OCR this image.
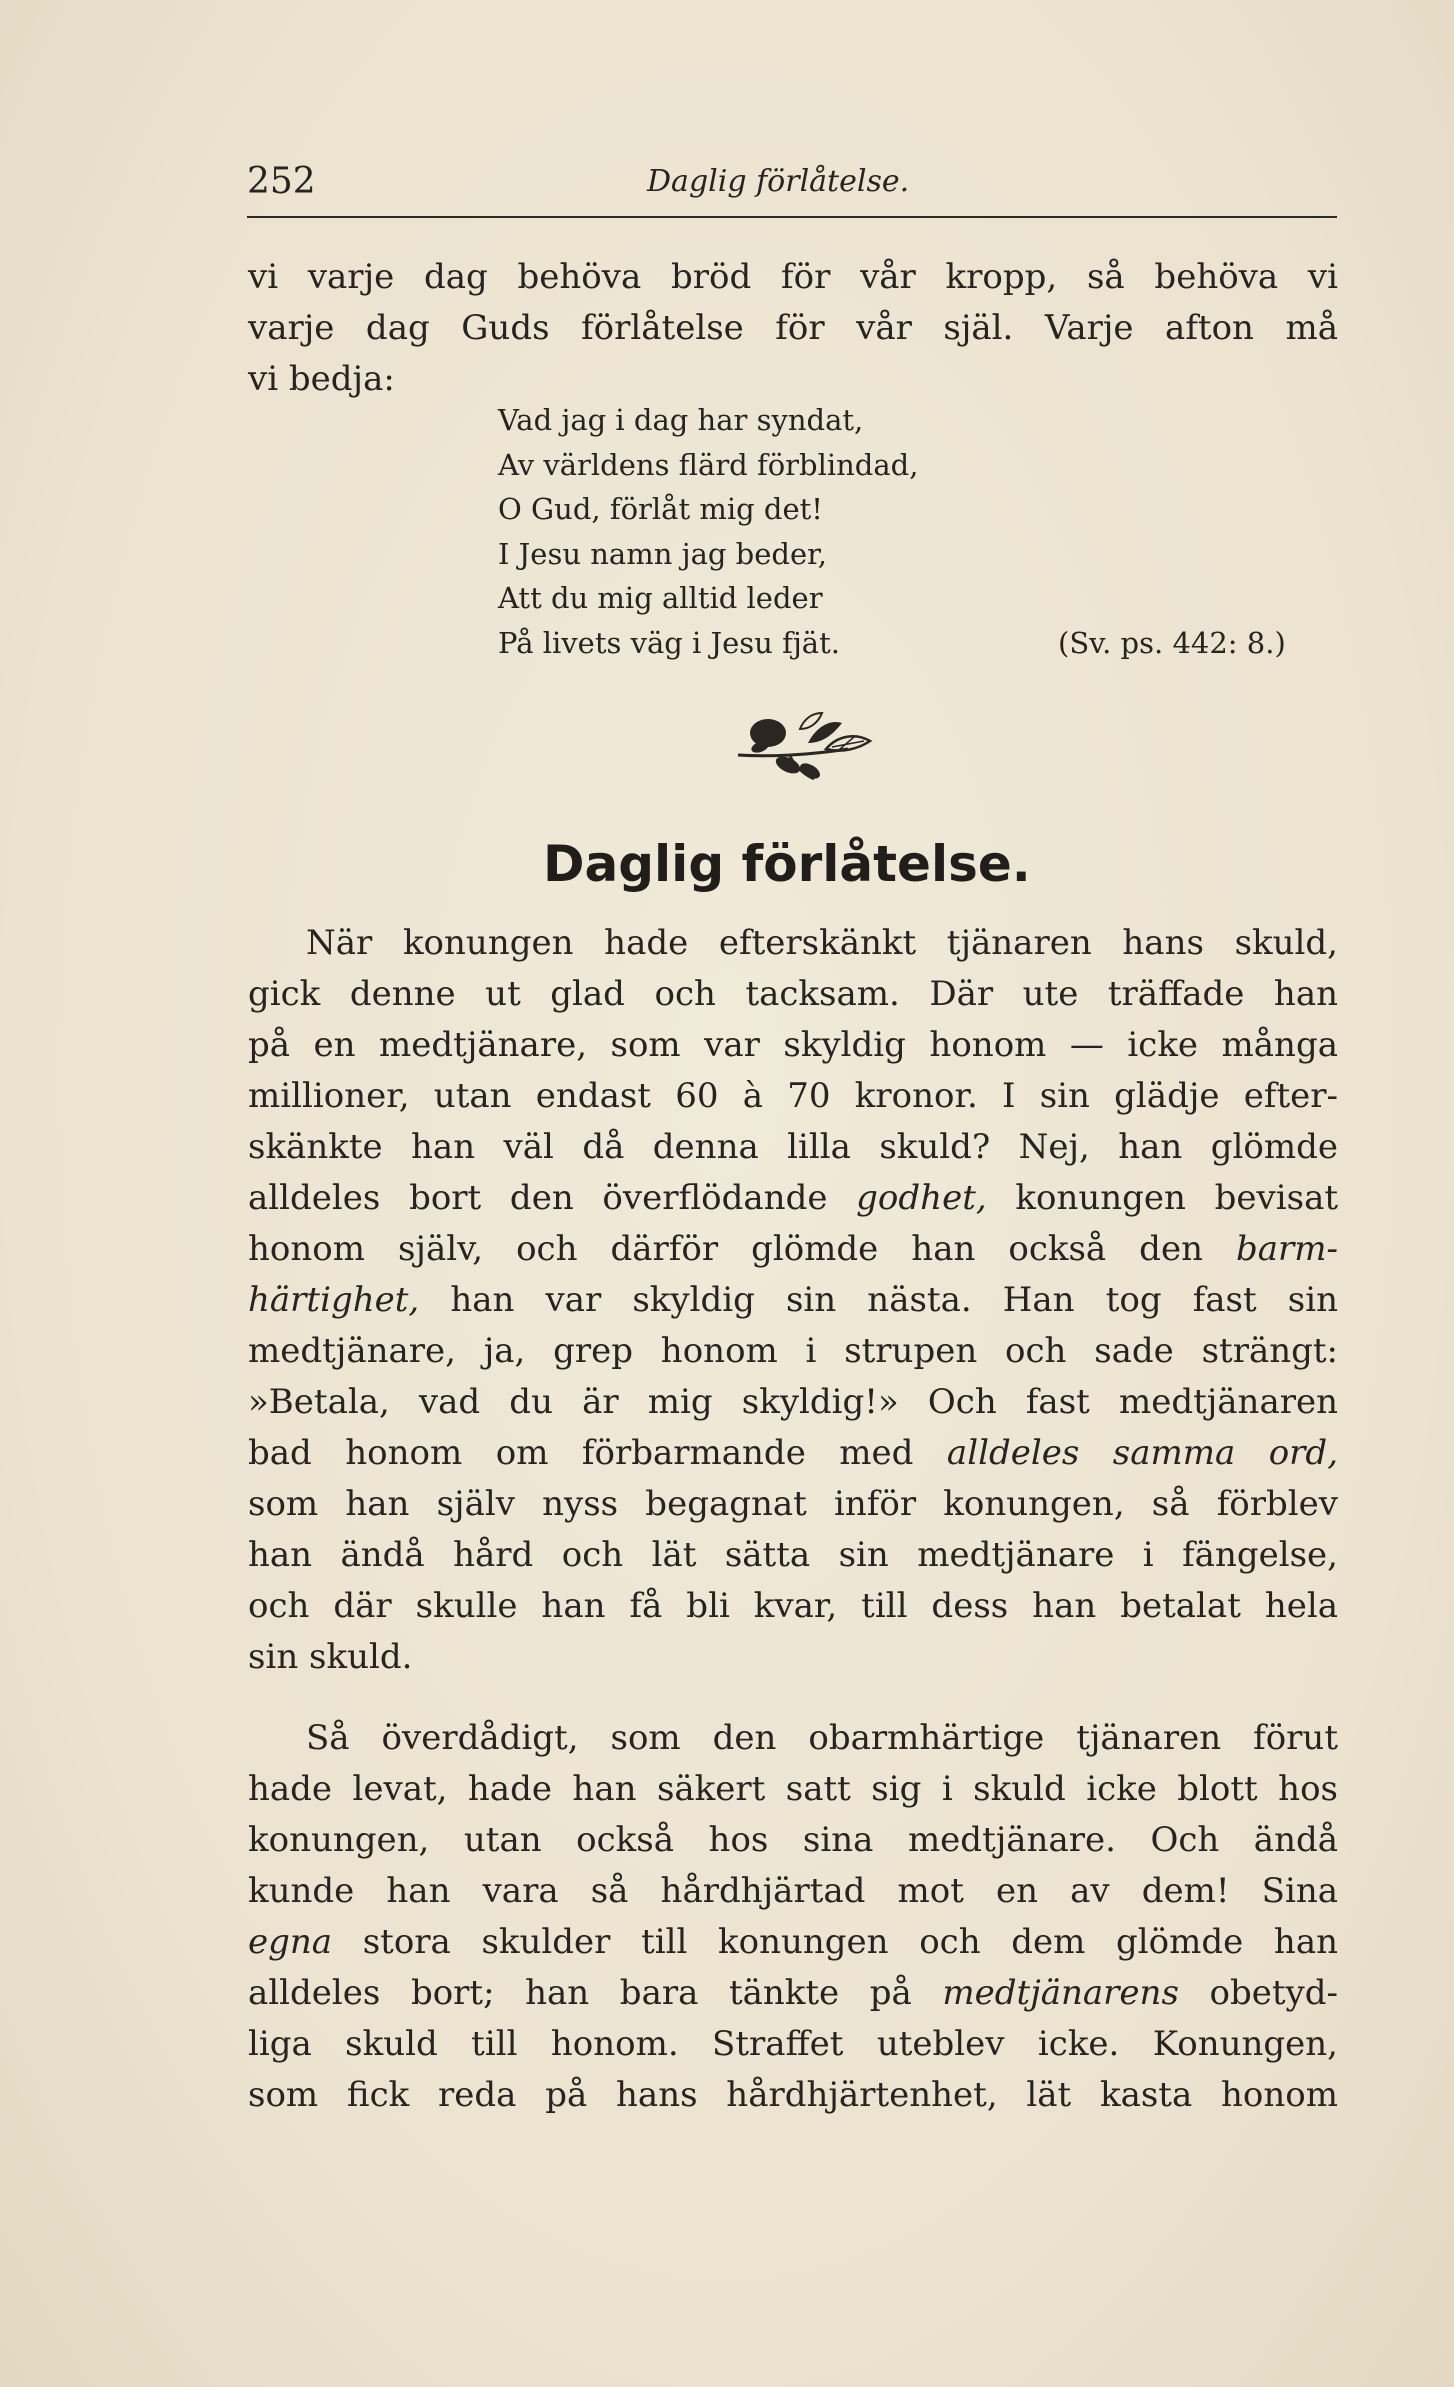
252	Daglig förlåtelse.
vi varje dag behöva bröd för vår kropp, så behöva vi
varje dag Guds förlåtelse för vår själ. Varje afton må
vi bedja:
Vad jag i dag har syndat,
Av världens flärd förblindad,
O Gud, förlåt mig det!
I Jesu namn jag beder,
Att du mig alltid leder
På livets väg i Jesu fjät.	(Sv. ps. 442: 8.)
Daglig förlåtelse.
När konungen hade efterskänkt tjänaren hans skuld,
gick denne ut glad och tacksam. Där ute träffade han
på en medtjänare, som var skyldig honom — icke många
millioner, utan endast 60 à 70 kronor. I sin glädje efter-
skänkte han väl då denna lilla skuld? Nej, han glömde
alldeles bort den överflödande godhet, konungen bevisat
honom själv, och därför glömde han också den barm-
härtighet, han var skyldig sin nästa. Han tog fast sin
medtjänare, ja, grep honom i strupen och sade strängt:
»Betala, vad du är mig skyldig!» Och fast medtjänaren
bad honom om förbarmande med alldeles samma ord,
som han själv nyss begagnat inför konungen, så förblev
han ändå hård och lät sätta sin medtjänare i fängelse,
och där skulle han få bli kvar, till dess han betalat hela
sin skuld.
Så överdådigt, som den obarmhärtige tjänaren förut
hade levat, hade han säkert satt sig i skuld icke blott hos
konungen, utan också hos sina medtjänare. Och ändå
kunde han vara så hårdhjärtad mot en av dem! Sina
egna stora skulder till konungen och dem glömde han
alldeles bort; han bara tänkte på medtjänarens obetyd-
liga skuld till honom. Straffet uteblev icke. Konungen,
som fick reda på hans hårdhjärtenhet, lät kasta honom
